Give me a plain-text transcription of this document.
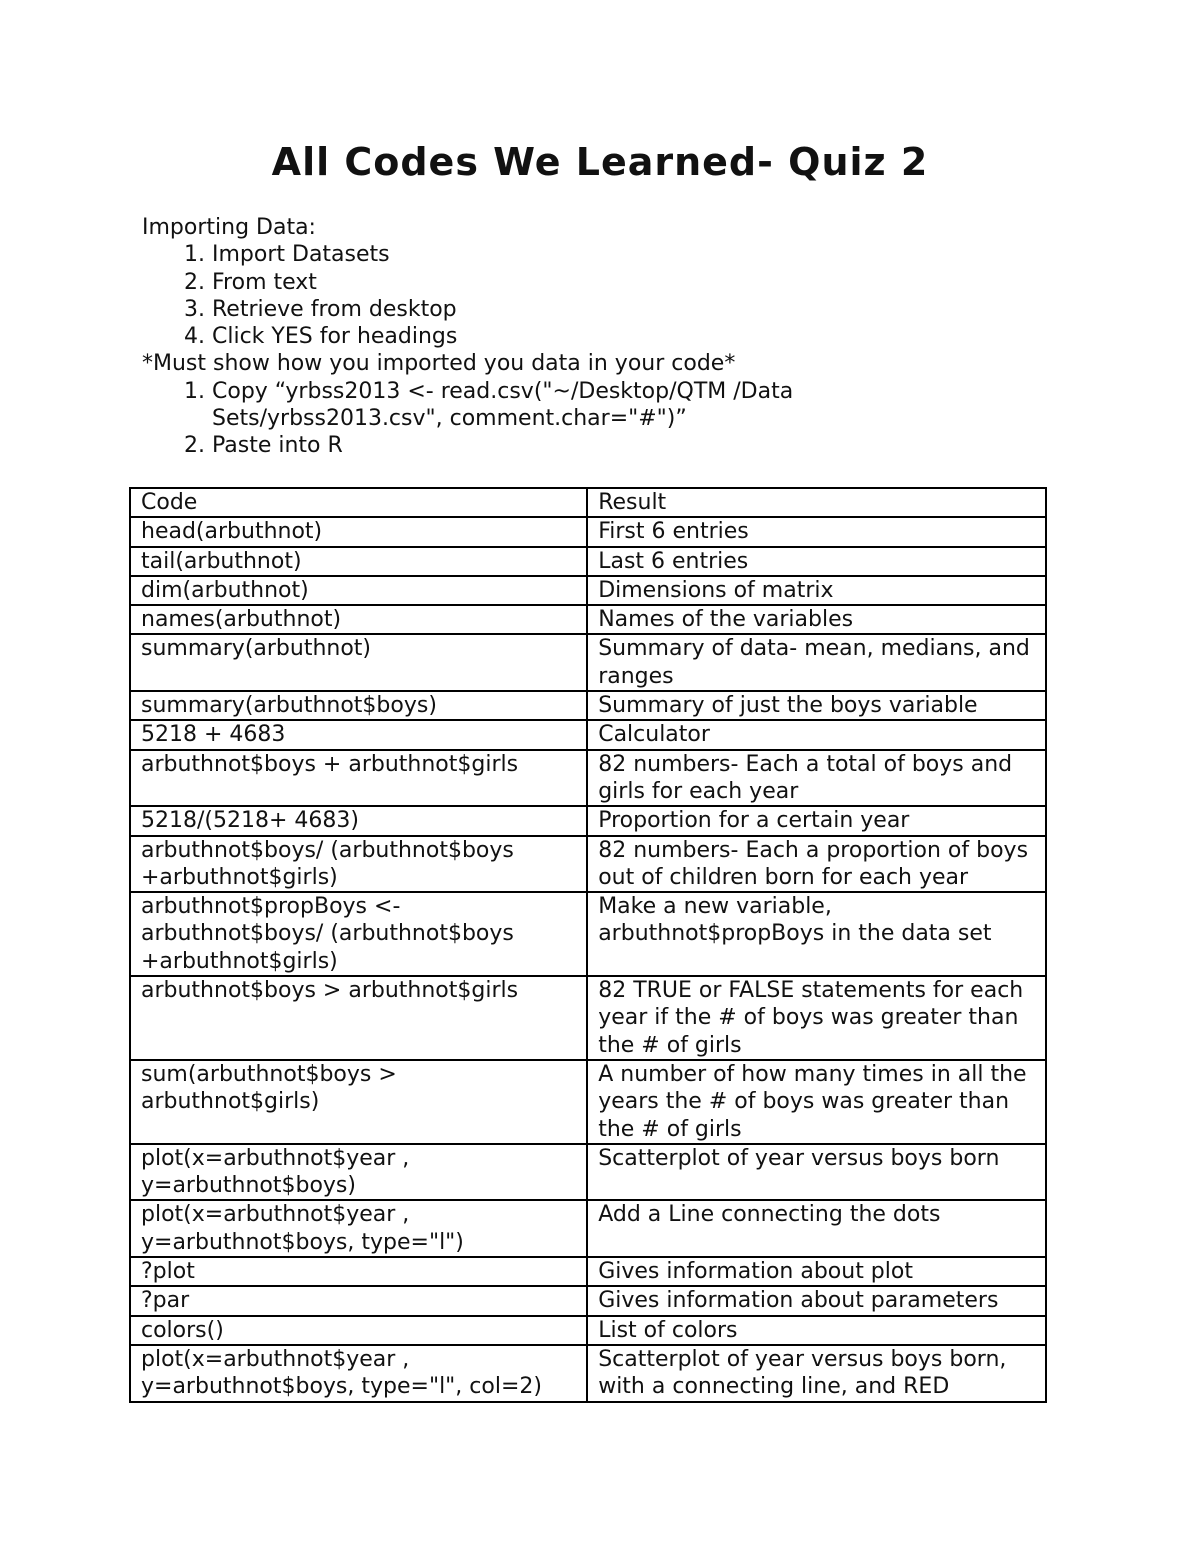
All Codes We Learned- Quiz 2

Importing Data:

1. Import Datasets
2. From text
3. Retrieve from desktop
4. Click YES for headings

*Must show how you imported you data in your code*

1. Copy “yrbss2013 <- read.csv("~/Desktop/QTM /Data Sets/yrbss2013.csv", comment.char="#")”
2. Paste into R
Code	Result
head(arbuthnot)	First 6 entries
tail(arbuthnot)	Last 6 entries
dim(arbuthnot)	Dimensions of matrix
names(arbuthnot)	Names of the variables
summary(arbuthnot)	Summary of data- mean, medians, and ranges
summary(arbuthnot$boys)	Summary of just the boys variable
5218 + 4683	Calculator
arbuthnot$boys + arbuthnot$girls	82 numbers- Each a total of boys and girls for each year
5218/(5218+ 4683)	Proportion for a certain year
arbuthnot$boys/ (arbuthnot$boys +arbuthnot$girls)	82 numbers- Each a proportion of boys out of children born for each year
arbuthnot$propBoys <- arbuthnot$boys/ (arbuthnot$boys +arbuthnot$girls)	Make a new variable, arbuthnot$propBoys in the data set
arbuthnot$boys > arbuthnot$girls	82 TRUE or FALSE statements for each year if the # of boys was greater than the # of girls
sum(arbuthnot$boys > arbuthnot$girls)	A number of how many times in all the years the # of boys was greater than the # of girls
plot(x=arbuthnot$year , y=arbuthnot$boys)	Scatterplot of year versus boys born
plot(x=arbuthnot$year , y=arbuthnot$boys, type="l")	Add a Line connecting the dots
?plot	Gives information about plot
?par	Gives information about parameters
colors()	List of colors
plot(x=arbuthnot$year , y=arbuthnot$boys, type="l", col=2)	Scatterplot of year versus boys born, with a connecting line, and RED
